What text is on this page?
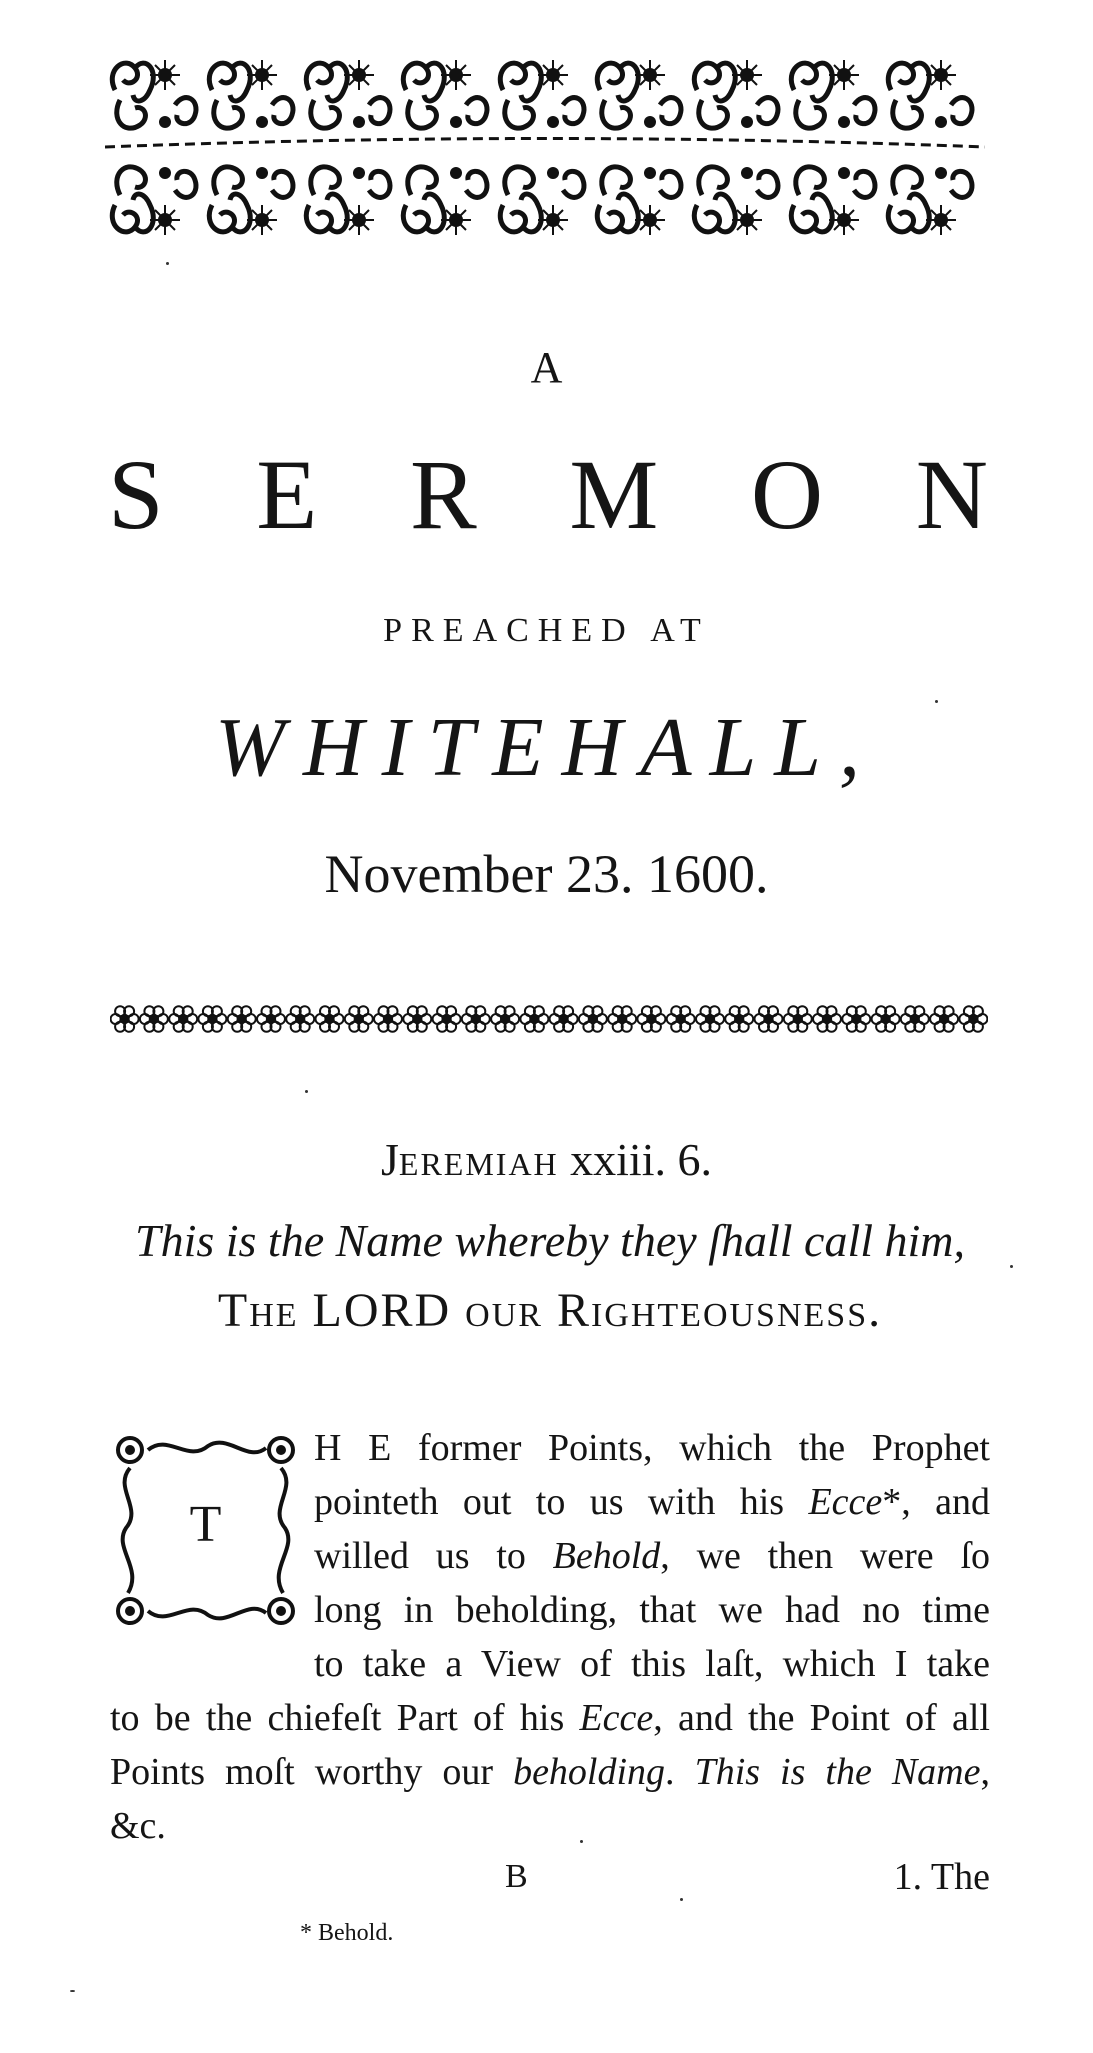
A
S E R M O N
PREACHED AT
WHITEHALL,
November 23. 1600.
Jeremiah xxiii. 6.
This is the Name whereby they ſhall call him,
The LORD our Righteousness.
T
H E former Points, which the Prophet
pointeth out to us with his Ecce*, and
willed us to Behold, we then were ſo
long in beholding, that we had no time
to take a View of this laſt, which I take
to be the chiefeſt Part of his Ecce, and the Point of all
Points moſt worthy our beholding. This is the Name,
&c.
B	1. The
* Behold.
